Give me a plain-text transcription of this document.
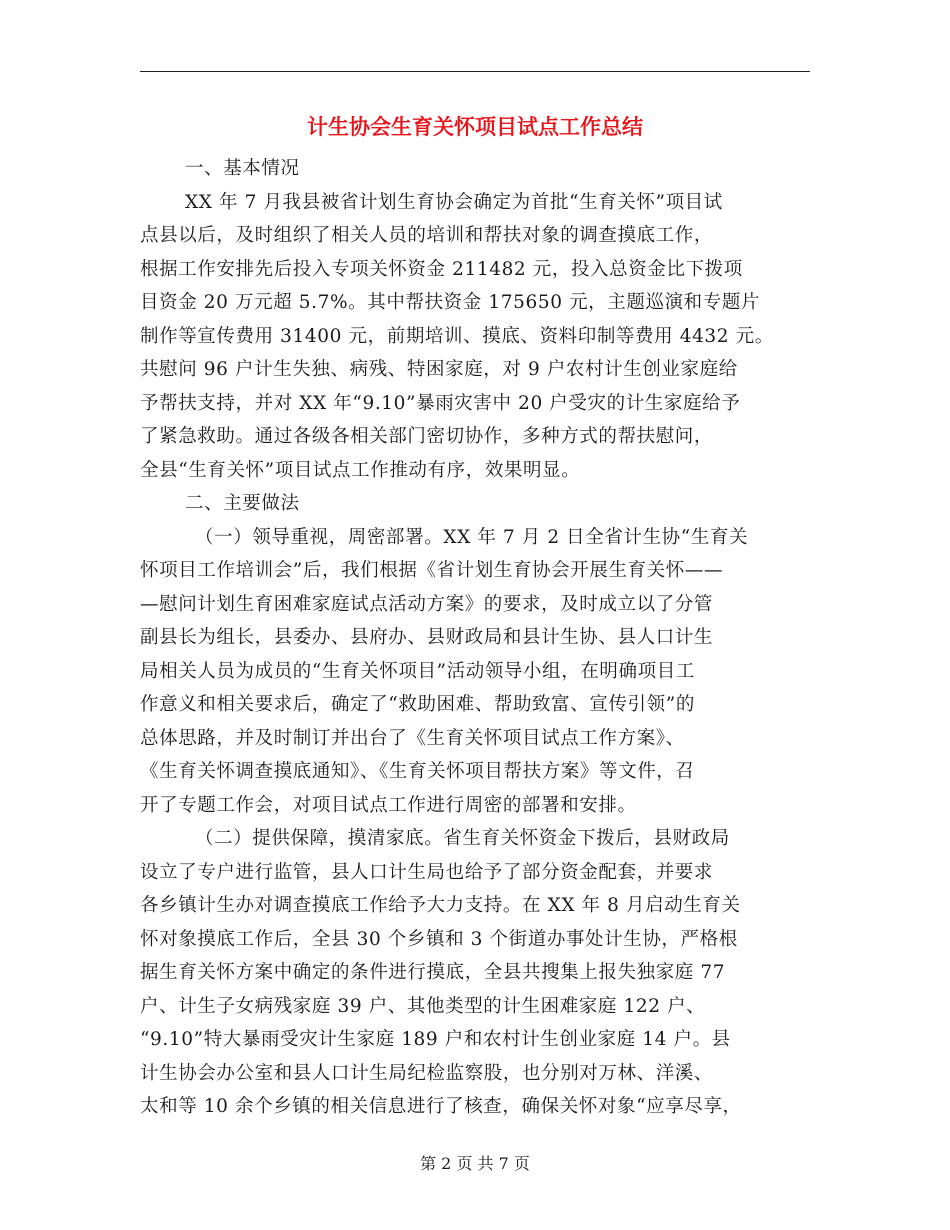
计生协会生育关怀项目试点工作总结

一、基本情况

XX 年 7 月我县被省计划生育协会确定为首批“生育关怀”项目试
点县以后，及时组织了相关人员的培训和帮扶对象的调查摸底工作，
根据工作安排先后投入专项关怀资金 211482 元，投入总资金比下拨项
目资金 20 万元超 5.7%。其中帮扶资金 175650 元，主题巡演和专题片
制作等宣传费用 31400 元，前期培训、摸底、资料印制等费用 4432 元。
共慰问 96 户计生失独、病残、特困家庭，对 9 户农村计生创业家庭给
予帮扶支持，并对 XX 年“9.10”暴雨灾害中 20 户受灾的计生家庭给予
了紧急救助。通过各级各相关部门密切协作，多种方式的帮扶慰问，
全县“生育关怀”项目试点工作推动有序，效果明显。

二、主要做法

（一）领导重视，周密部署。XX 年 7 月 2 日全省计生协“生育关
怀项目工作培训会”后，我们根据《省计划生育协会开展生育关怀——
—慰问计划生育困难家庭试点活动方案》的要求，及时成立以了分管
副县长为组长，县委办、县府办、县财政局和县计生协、县人口计生
局相关人员为成员的“生育关怀项目”活动领导小组，在明确项目工
作意义和相关要求后，确定了“救助困难、帮助致富、宣传引领”的
总体思路，并及时制订并出台了《生育关怀项目试点工作方案》、
《生育关怀调查摸底通知》、《生育关怀项目帮扶方案》等文件，召
开了专题工作会，对项目试点工作进行周密的部署和安排。

（二）提供保障，摸清家底。省生育关怀资金下拨后，县财政局
设立了专户进行监管，县人口计生局也给予了部分资金配套，并要求
各乡镇计生办对调查摸底工作给予大力支持。在 XX 年 8 月启动生育关
怀对象摸底工作后，全县 30 个乡镇和 3 个街道办事处计生协，严格根
据生育关怀方案中确定的条件进行摸底，全县共搜集上报失独家庭 77
户、计生子女病残家庭 39 户、其他类型的计生困难家庭 122 户、
“9.10”特大暴雨受灾计生家庭 189 户和农村计生创业家庭 14 户。县
计生协会办公室和县人口计生局纪检监察股，也分别对万林、洋溪、
太和等 10 余个乡镇的相关信息进行了核查，确保关怀对象“应享尽享，

第 2 页 共 7 页
